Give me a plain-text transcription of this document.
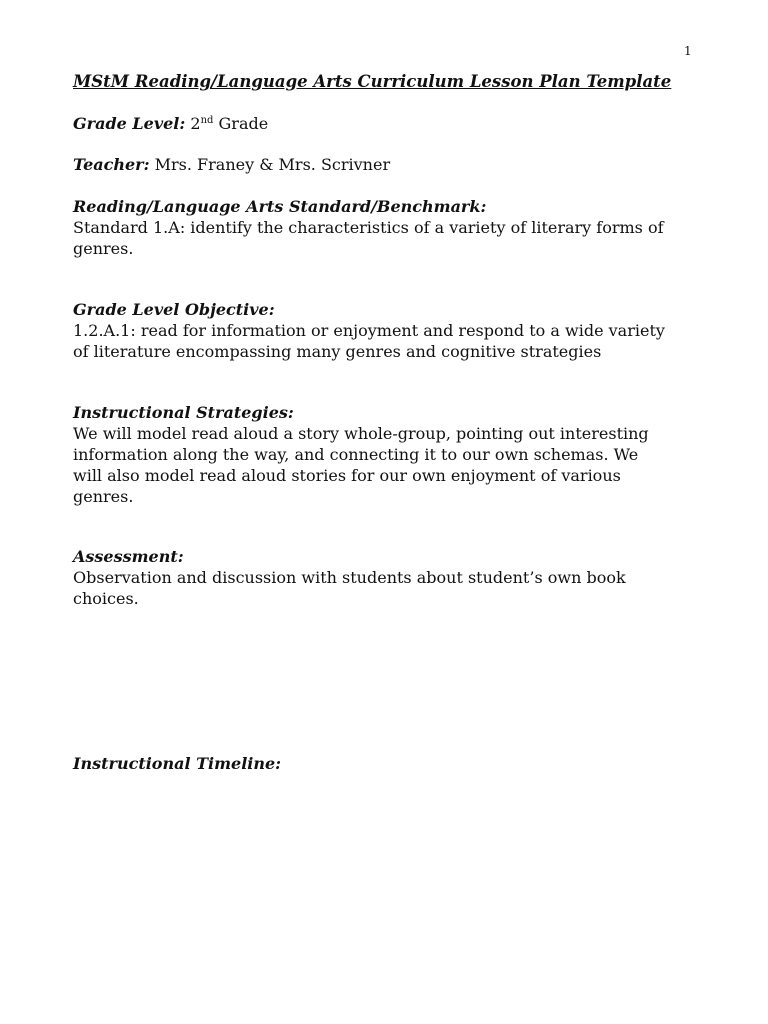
1
MStM Reading/Language Arts Curriculum Lesson Plan Template
Grade Level: 2nd Grade
Teacher: Mrs. Franey & Mrs. Scrivner
Reading/Language Arts Standard/Benchmark:

Standard 1.A: identify the characteristics of a variety of literary forms of

genres.

Grade Level Objective:

1.2.A.1: read for information or enjoyment and respond to a wide variety

of literature encompassing many genres and cognitive strategies

Instructional Strategies:

We will model read aloud a story whole-group, pointing out interesting

information along the way, and connecting it to our own schemas. We

will also model read aloud stories for our own enjoyment of various

genres.

Assessment:

Observation and discussion with students about student’s own book

choices.

Instructional Timeline:
